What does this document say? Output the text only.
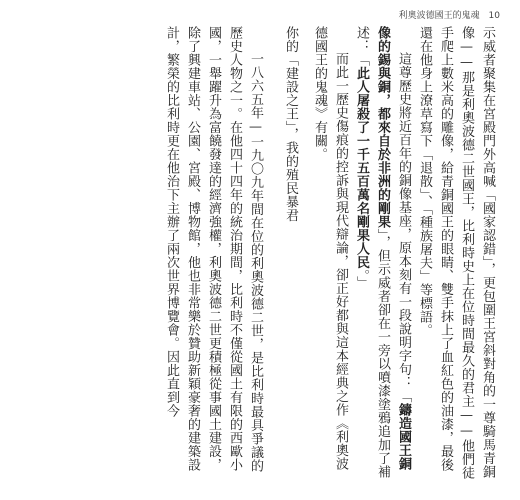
利奧波德國王的鬼魂 10

示威者聚集在宮殿門外高喊「國家認錯」，更包圍王宮斜對角的一尊騎馬青銅像——那是利奧波德二世國王，比利時史上在位時間最久的君主——他們徒手爬上數米高的雕像，給青銅國王的眼睛、雙手抹上了血紅色的油漆，最後還在他身上潦草寫下「退散」、「種族屠夫」等標語。

這尊歷史將近百年的銅像基座，原本刻有一段說明字句：「鑄造國王銅像的錫與銅，都來自於非洲的剛果」，但示威者卻在一旁以噴漆塗鴉追加了補述：「此人屠殺了一千五百萬名剛果人民。」

而此一歷史傷痕的控訴與現代辯論，卻正好都與這本經典之作《利奧波德國王的鬼魂》有關。

你的「建設之王」，我的殖民暴君

一八六五年—一九〇九年間在位的利奧波德二世，是比利時最具爭議的歷史人物之一。在他四十四年的統治期間，比利時不僅從國土有限的西歐小國，一舉躍升為富饒發達的經濟強權，利奧波德二世更積極從事國土建設，除了興建車站、公園、宮殿、博物館，他也非常樂於贊助新穎豪奢的建築設計，繁榮的比利時更在他治下主辦了兩次世界博覽會。因此直到今
